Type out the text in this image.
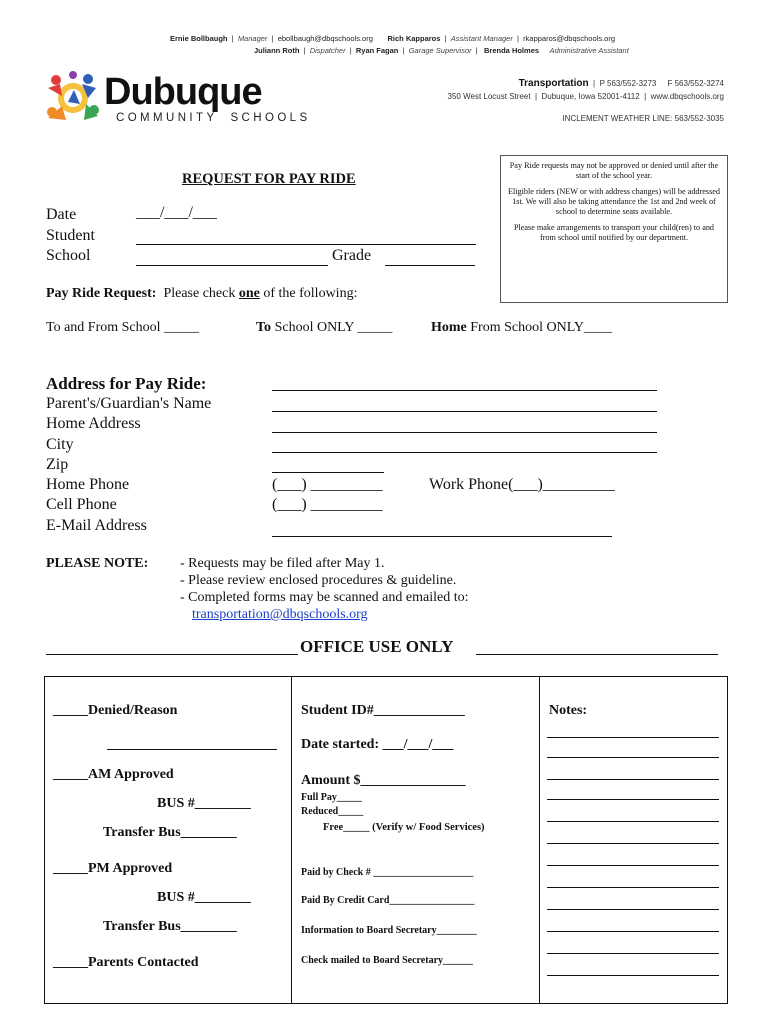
Ernie Bollbaugh  |  Manager  |  ebollbaugh@dbqschools.org Rich Kapparos  |  Assistant Manager  |  rkapparos@dbqschools.org
Juliann Roth  |  Dispatcher  |  Ryan Fagan  |  Garage Supervisor  |   Brenda Holmes Administrative Assistant
Dubuque
COMMUNITY  SCHOOLS
Transportation  |  P 563/552-3273 F 563/552-3274
350 West Locust Street  |  Dubuque, Iowa 52001-4112  |  www.dbqschools.org
INCLEMENT WEATHER LINE: 563/552-3035

Pay Ride requests may not be approved or denied until after the start of the school year.

Eligible riders (NEW or with address changes) will be addressed 1st. We will also be taking attendance the 1st and 2nd week of school to determine seats available.

Please make arrangements to transport your child(ren) to and from school until notified by our department.

REQUEST FOR PAY RIDE
Date	___/___/___
Student
School	Grade
Pay Ride Request: Please check one of the following:
To and From School _____	To School ONLY _____	Home From School ONLY____
Address for Pay Ride:
Parent's/Guardian's Name
Home Address
City
Zip
Home Phone	(___) _________	Work Phone(___)_________
Cell Phone	(___) _________
E-Mail Address
PLEASE NOTE: - Requests may be filed after May 1.
- Please review enclosed procedures & guideline.
- Completed forms may be scanned and emailed to:
transportation@dbqschools.org
OFFICE USE ONLY
_____Denied/Reason
_____AM Approved
BUS #________
Transfer Bus________
_____PM Approved
BUS #________
Transfer Bus________
_____Parents Contacted
Student ID#_____________
Date started: ___/___/___
Amount $_______________
Full Pay_____
Reduced_____
Free_____ (Verify w/ Food Services)
Paid by Check # ____________________
Paid By Credit Card_________________
Information to Board Secretary________
Check mailed to Board Secretary______
Notes:
